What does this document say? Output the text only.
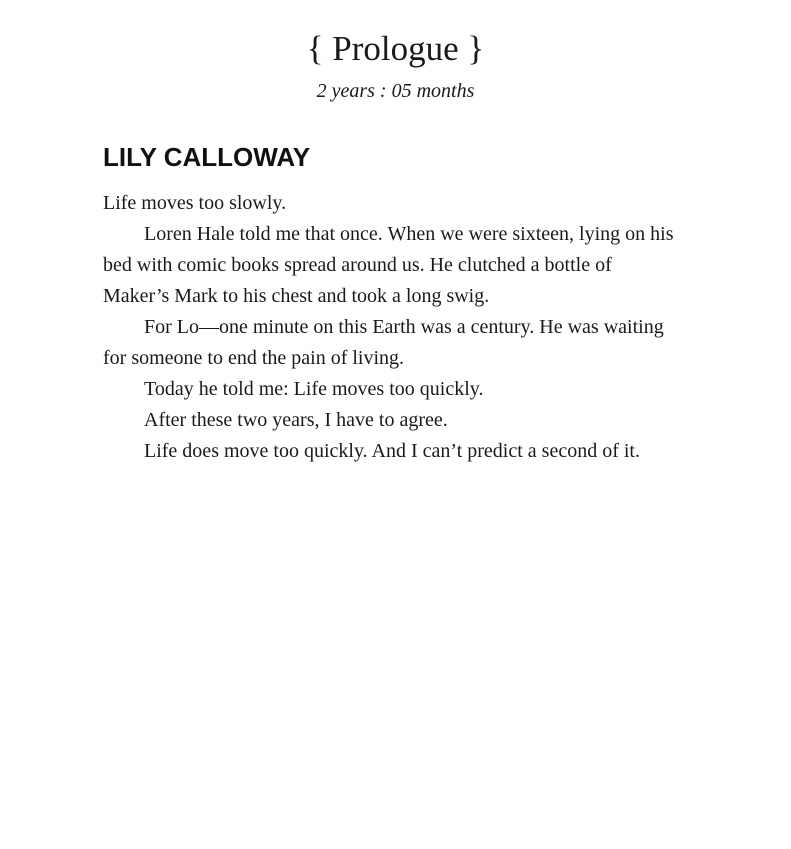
{ Prologue }
2 years : 05 months
LILY CALLOWAY
Life moves too slowly.
Loren Hale told me that once. When we were sixteen, lying on his
bed with comic books spread around us. He clutched a bottle of
Maker’s Mark to his chest and took a long swig.
For Lo—one minute on this Earth was a century. He was waiting
for someone to end the pain of living.
Today he told me: Life moves too quickly.
After these two years, I have to agree.
Life does move too quickly. And I can’t predict a second of it.
